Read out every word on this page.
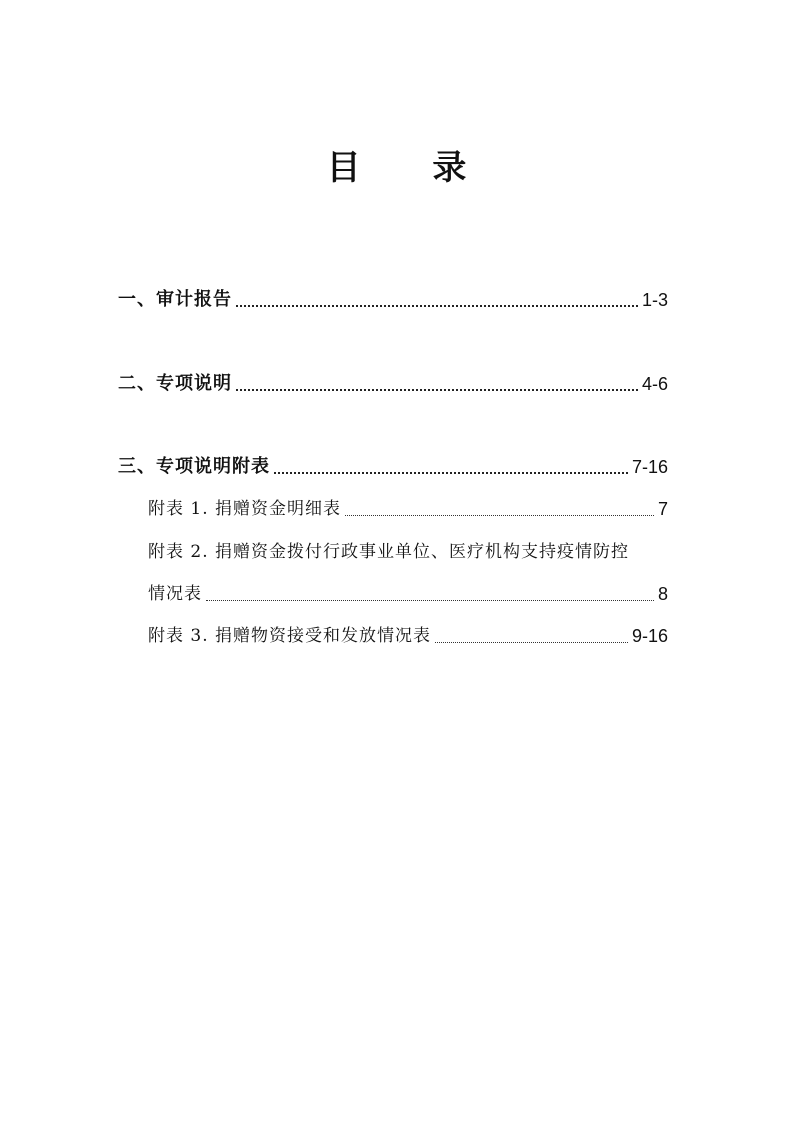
目 录
一、审计报告	1-3
二、专项说明	4-6
三、专项说明附表	7-16
附表 1. 捐赠资金明细表	7
附表 2. 捐赠资金拨付行政事业单位、医疗机构支持疫情防控
情况表	8
附表 3. 捐赠物资接受和发放情况表	9-16
